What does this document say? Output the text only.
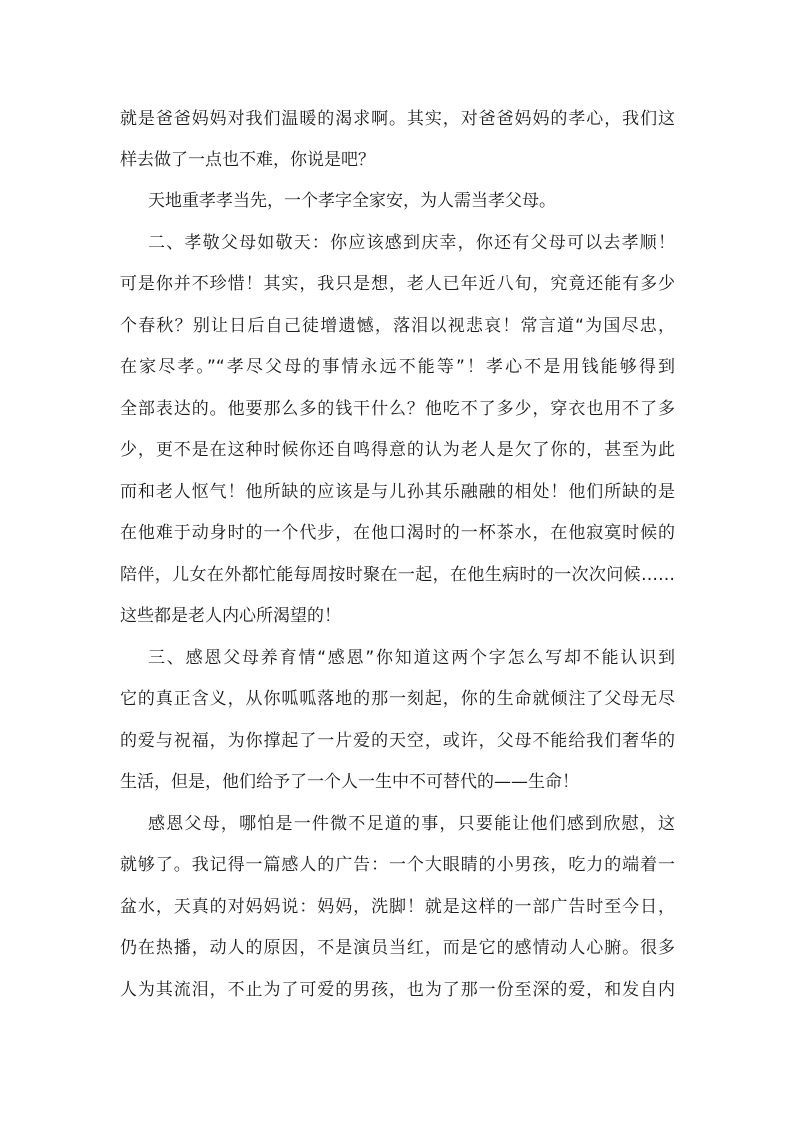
就是爸爸妈妈对我们温暖的渴求啊。其实，对爸爸妈妈的孝心，我们这
样去做了一点也不难，你说是吧？
天地重孝孝当先，一个孝字全家安，为人需当孝父母。
二、孝敬父母如敬天：你应该感到庆幸，你还有父母可以去孝顺！
可是你并不珍惜！其实，我只是想，老人已年近八旬，究竟还能有多少
个春秋？别让日后自己徒增遗憾，落泪以视悲哀！常言道“为国尽忠，
在家尽孝。”“孝尽父母的事情永远不能等”！孝心不是用钱能够得到
全部表达的。他要那么多的钱干什么？他吃不了多少，穿衣也用不了多
少，更不是在这种时候你还自鸣得意的认为老人是欠了你的，甚至为此
而和老人怄气！他所缺的应该是与儿孙其乐融融的相处！他们所缺的是
在他难于动身时的一个代步，在他口渴时的一杯茶水，在他寂寞时候的
陪伴，儿女在外都忙能每周按时聚在一起，在他生病时的一次次问候……
这些都是老人内心所渴望的！
三、感恩父母养育情“感恩”你知道这两个字怎么写却不能认识到
它的真正含义，从你呱呱落地的那一刻起，你的生命就倾注了父母无尽
的爱与祝福，为你撑起了一片爱的天空，或许，父母不能给我们奢华的
生活，但是，他们给予了一个人一生中不可替代的——生命！
感恩父母，哪怕是一件微不足道的事，只要能让他们感到欣慰，这
就够了。我记得一篇感人的广告：一个大眼睛的小男孩，吃力的端着一
盆水，天真的对妈妈说：妈妈，洗脚！就是这样的一部广告时至今日，
仍在热播，动人的原因，不是演员当红，而是它的感情动人心腑。很多
人为其流泪，不止为了可爱的男孩，也为了那一份至深的爱，和发自内
